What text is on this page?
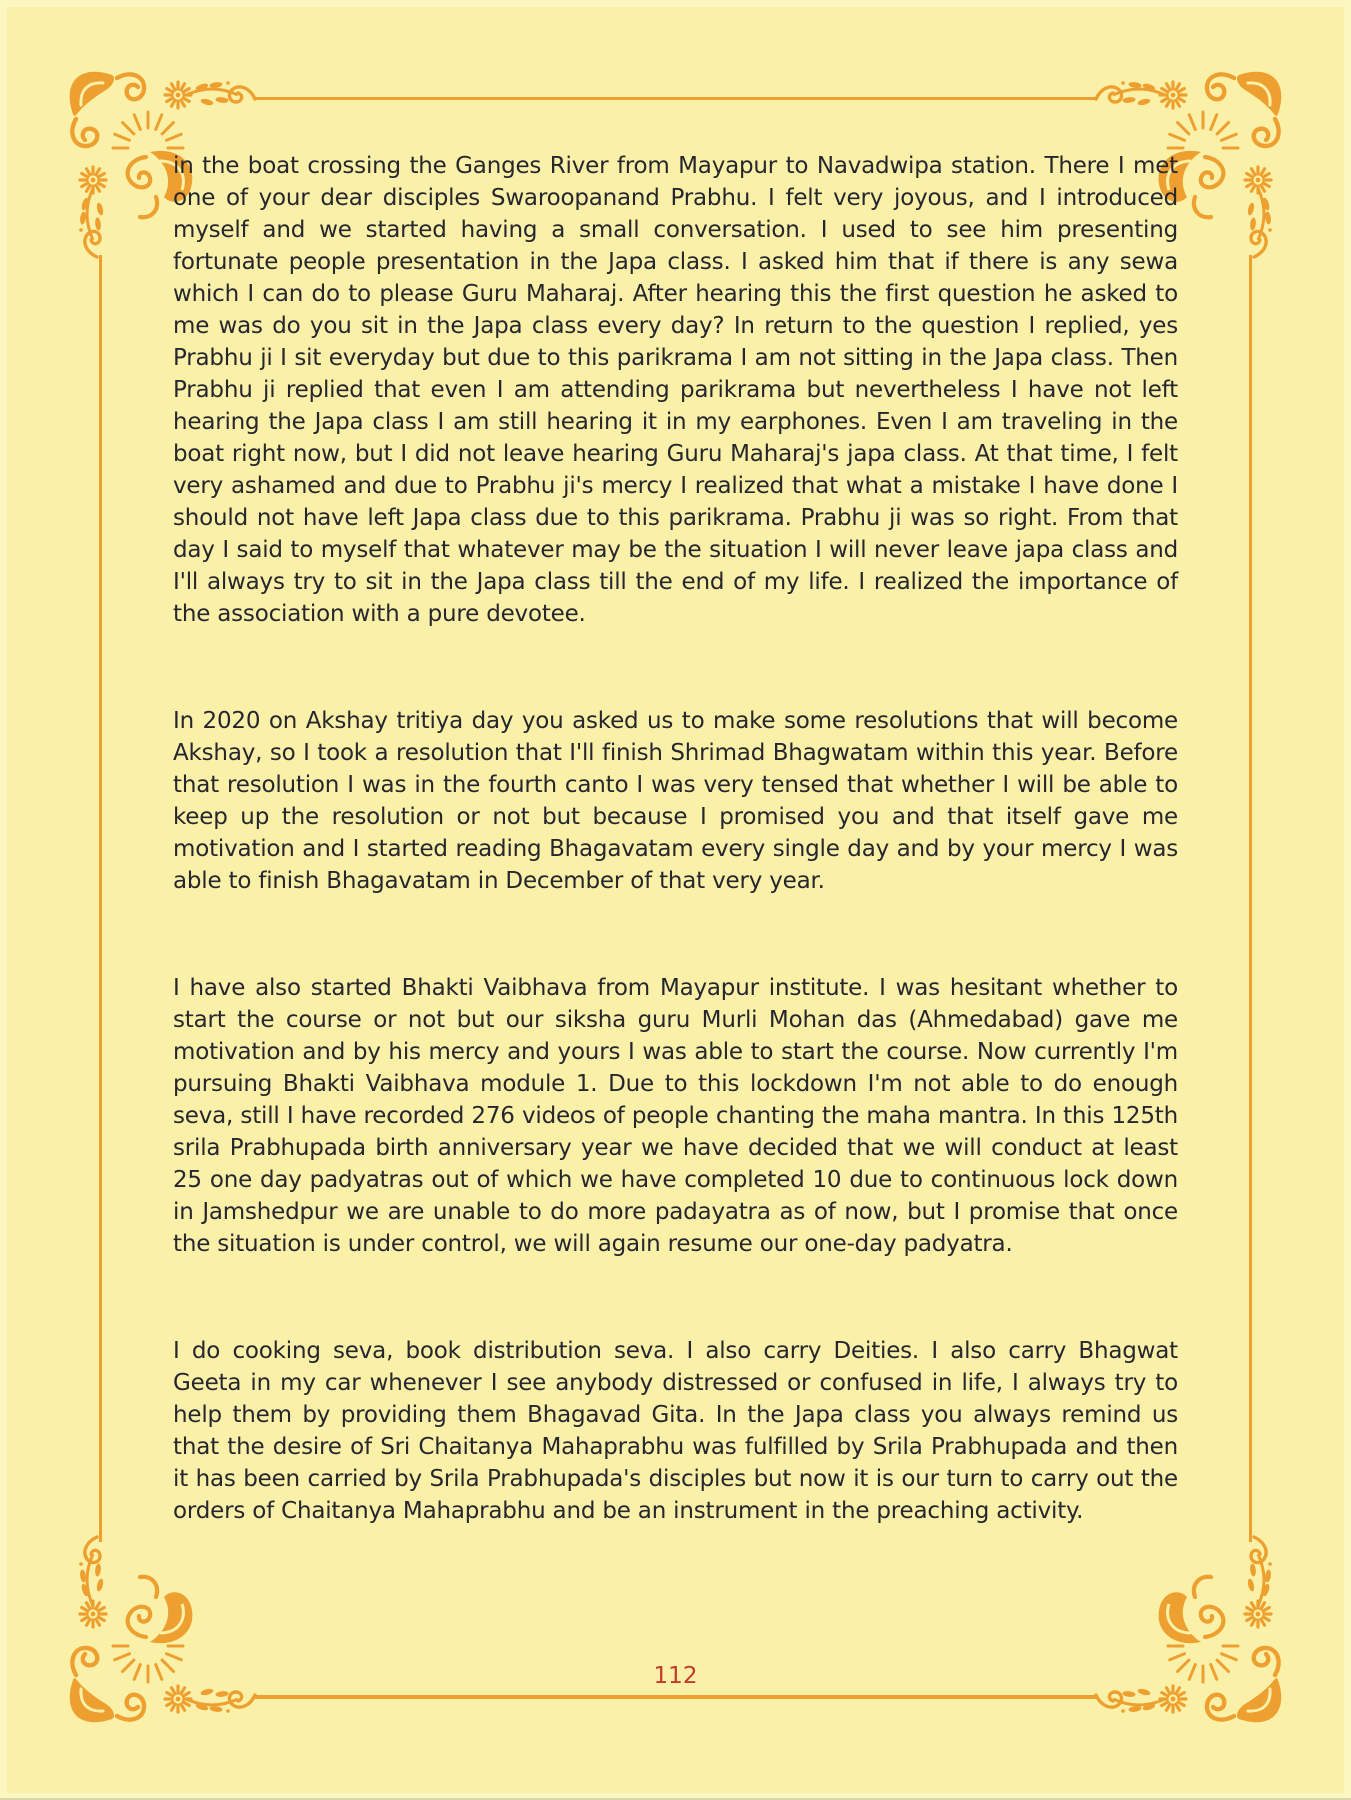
in the boat crossing the Ganges River from Mayapur to Navadwipa station. There I met one of your dear disciples Swaroopanand Prabhu. I felt very joyous, and I introduced myself and we started having a small conversation. I used to see him presenting fortunate people presentation in the Japa class. I asked him that if there is any sewa which I can do to please Guru Maharaj. After hearing this the first question he asked to me was do you sit in the Japa class every day? In return to the question I replied, yes Prabhu ji I sit everyday but due to this parikrama I am not sitting in the Japa class. Then Prabhu ji replied that even I am attending parikrama but nevertheless I have not left hearing the Japa class I am still hearing it in my earphones. Even I am traveling in the boat right now, but I did not leave hearing Guru Maharaj's japa class. At that time, I felt very ashamed and due to Prabhu ji's mercy I realized that what a mistake I have done I should not have left Japa class due to this parikrama. Prabhu ji was so right. From that day I said to myself that whatever may be the situation I will never leave japa class and I'll always try to sit in the Japa class till the end of my life. I realized the importance of the association with a pure devotee.

In 2020 on Akshay tritiya day you asked us to make some resolutions that will become Akshay, so I took a resolution that I'll finish Shrimad Bhagwatam within this year. Before that resolution I was in the fourth canto I was very tensed that whether I will be able to keep up the resolution or not but because I promised you and that itself gave me motivation and I started reading Bhagavatam every single day and by your mercy I was able to finish Bhagavatam in December of that very year.

I have also started Bhakti Vaibhava from Mayapur institute. I was hesitant whether to start the course or not but our siksha guru Murli Mohan das (Ahmedabad) gave me motivation and by his mercy and yours I was able to start the course. Now currently I'm pursuing Bhakti Vaibhava module 1. Due to this lockdown I'm not able to do enough seva, still I have recorded 276 videos of people chanting the maha mantra. In this 125th srila Prabhupada birth anniversary year we have decided that we will conduct at least 25 one day padyatras out of which we have completed 10 due to continuous lock down in Jamshedpur we are unable to do more padayatra as of now, but I promise that once the situation is under control, we will again resume our one-day padyatra.

I do cooking seva, book distribution seva. I also carry Deities. I also carry Bhagwat Geeta in my car whenever I see anybody distressed or confused in life, I always try to help them by providing them Bhagavad Gita. In the Japa class you always remind us that the desire of Sri Chaitanya Mahaprabhu was fulfilled by Srila Prabhupada and then it has been carried by Srila Prabhupada's disciples but now it is our turn to carry out the orders of Chaitanya Mahaprabhu and be an instrument in the preaching activity.

112
